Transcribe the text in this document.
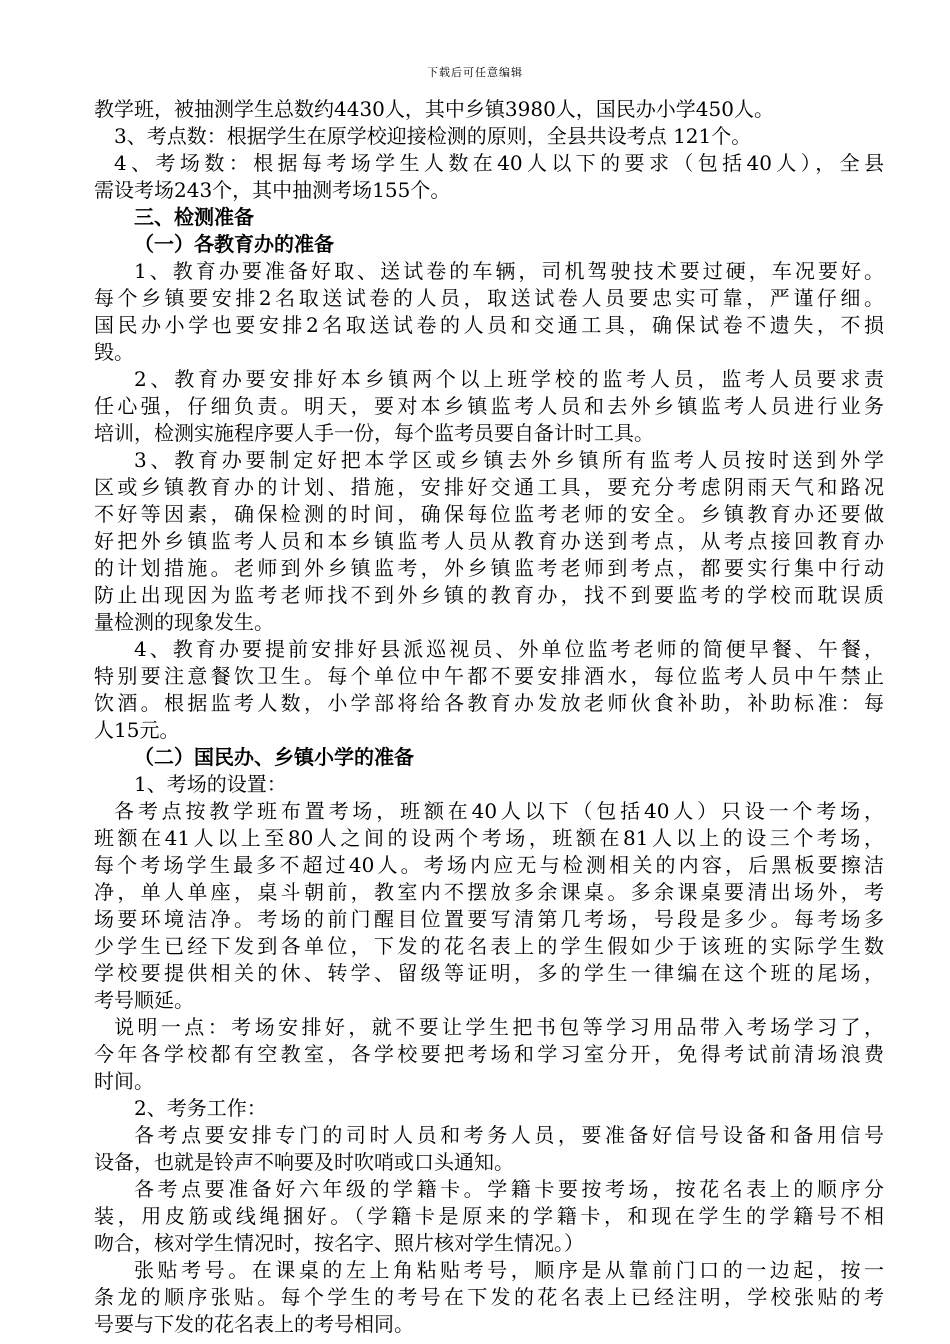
下载后可任意编辑
教学班，被抽测学生总数约4430人，其中乡镇3980人，国民办小学450人。
3、考点数：根据学生在原学校迎接检测的原则，全县共设考点 121个。
4、考场数：根据每考场学生人数在40人以下的要求（包括40人），全县
需设考场243个，其中抽测考场155个。
三、检测准备
（一）各教育办的准备
1、教育办要准备好取、送试卷的车辆，司机驾驶技术要过硬，车况要好。
每个乡镇要安排2名取送试卷的人员，取送试卷人员要忠实可靠，严谨仔细。
国民办小学也要安排2名取送试卷的人员和交通工具，确保试卷不遗失，不损
毁。
2、教育办要安排好本乡镇两个以上班学校的监考人员，监考人员要求责
任心强，仔细负责。明天，要对本乡镇监考人员和去外乡镇监考人员进行业务
培训，检测实施程序要人手一份，每个监考员要自备计时工具。
3、教育办要制定好把本学区或乡镇去外乡镇所有监考人员按时送到外学
区或乡镇教育办的计划、措施，安排好交通工具，要充分考虑阴雨天气和路况
不好等因素，确保检测的时间，确保每位监考老师的安全。乡镇教育办还要做
好把外乡镇监考人员和本乡镇监考人员从教育办送到考点，从考点接回教育办
的计划措施。老师到外乡镇监考，外乡镇监考老师到考点，都要实行集中行动
防止出现因为监考老师找不到外乡镇的教育办，找不到要监考的学校而耽误质
量检测的现象发生。
4、教育办要提前安排好县派巡视员、外单位监考老师的简便早餐、午餐，
特别要注意餐饮卫生。每个单位中午都不要安排酒水，每位监考人员中午禁止
饮酒。根据监考人数，小学部将给各教育办发放老师伙食补助，补助标准：每
人15元。
（二）国民办、乡镇小学的准备
1、考场的设置：
各考点按教学班布置考场，班额在40人以下（包括40人）只设一个考场，
班额在41人以上至80人之间的设两个考场，班额在81人以上的设三个考场，
每个考场学生最多不超过40人。考场内应无与检测相关的内容，后黑板要擦洁
净，单人单座，桌斗朝前，教室内不摆放多余课桌。多余课桌要清出场外，考
场要环境洁净。考场的前门醒目位置要写清第几考场，号段是多少。每考场多
少学生已经下发到各单位，下发的花名表上的学生假如少于该班的实际学生数
学校要提供相关的休、转学、留级等证明，多的学生一律编在这个班的尾场，
考号顺延。
说明一点：考场安排好，就不要让学生把书包等学习用品带入考场学习了，
今年各学校都有空教室，各学校要把考场和学习室分开，免得考试前清场浪费
时间。
2、考务工作：
各考点要安排专门的司时人员和考务人员，要准备好信号设备和备用信号
设备，也就是铃声不响要及时吹哨或口头通知。
各考点要准备好六年级的学籍卡。学籍卡要按考场，按花名表上的顺序分
装，用皮筋或线绳捆好。（学籍卡是原来的学籍卡，和现在学生的学籍号不相
吻合，核对学生情况时，按名字、照片核对学生情况。）
张贴考号。在课桌的左上角粘贴考号，顺序是从靠前门口的一边起，按一
条龙的顺序张贴。每个学生的考号在下发的花名表上已经注明，学校张贴的考
号要与下发的花名表上的考号相同。
